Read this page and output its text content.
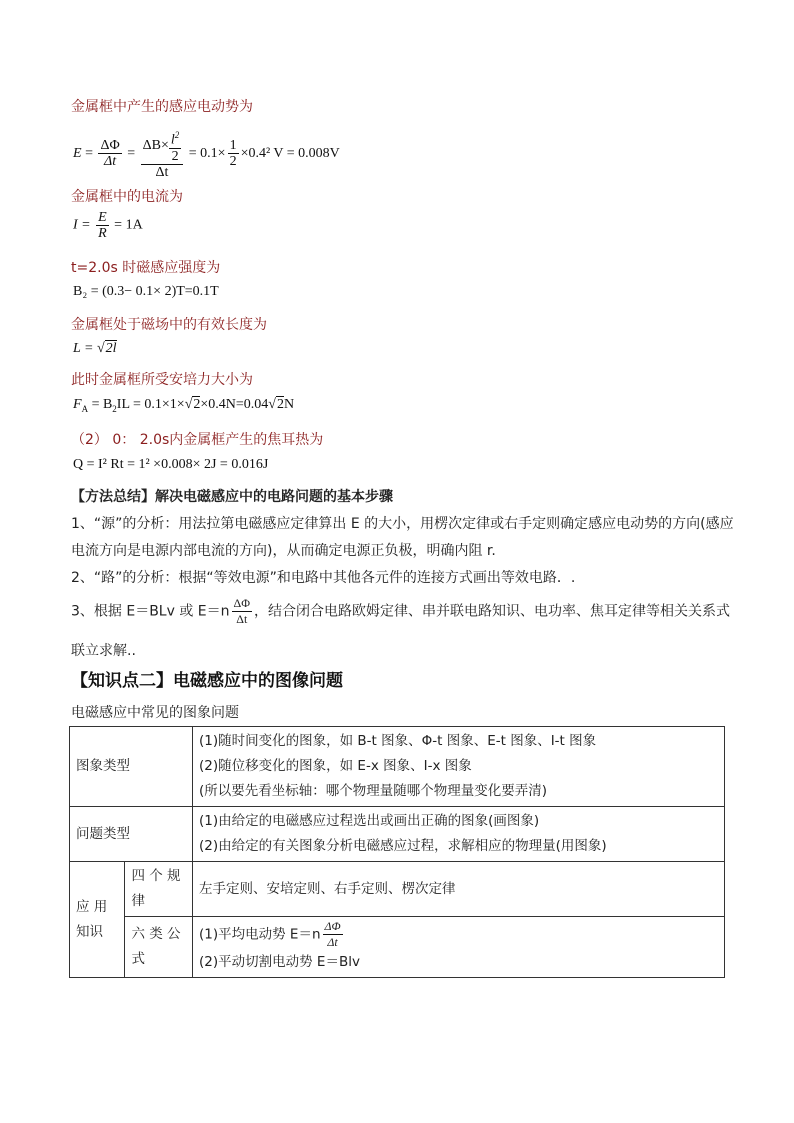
金属框中产生的感应电动势为
$E = \frac{\Delta\Phi}{\Delta t} = \frac{\Delta B\times \frac{l^2}{2}}{\Delta t} = 0.1\times \frac{1}{2} \times 0.4^2$ V = 0.008V
金属框中的电流为
$I = \frac{E}{R} = 1A$
t=2.0s 时磁感应强度为
B₂ = (0.3− 0.1× 2)T=0.1T
金属框处于磁场中的有效长度为
L = √2l
此时金属框所受安培力大小为
$F_A = B_2IL = 0.1\times 1\times√2\times 0.4N=0.04√2N$
（2） 0： 2.0s内金属框产生的焦耳热为
Q = I² Rt = 1² ×0.008× 2J = 0.016J
【方法总结】解决电磁感应中的电路问题的基本步骤
1、“源”的分析：用法拉第电磁感应定律算出 E 的大小，用楞次定律或右手定则确定感应电动势的方向(感应
电流方向是电源内部电流的方向)，从而确定电源正负极，明确内阻 r.
2、“路”的分析：根据“等效电源”和电路中其他各元件的连接方式画出等效电路．.
3、根据 E＝BLv 或 $E=n \frac{\Delta\Phi}{\Delta t}$ ，结合闭合电路欧姆定律、串并联电路知识、电功率、焦耳定律等相关关系式
联立求解..
【知识点二】电磁感应中的图像问题
电磁感应中常见的图象问题
图象类型		(1)随时间变化的图象，如 B-t 图象、Φ-t 图象、E-t 图象、I-t 图象
(2)随位移变化的图象，如 E-x 图象、I-x 图象
(所以要先看坐标轴：哪个物理量随哪个物理量变化要弄清)

问题类型		(1)由给定的电磁感应过程选出或画出正确的图象(画图象)
(2)由给定的有关图象分析电磁感应过程，求解相应的物理量(用图象)

应 用 知识	四 个 规 律	左手定则、安培定则、右手定则、楞次定律
	六 类 公 式	(1)平均电动势 $E=n \frac{\Delta\Phi}{\Delta t}$
(2)平动切割电动势 E＝Blv
